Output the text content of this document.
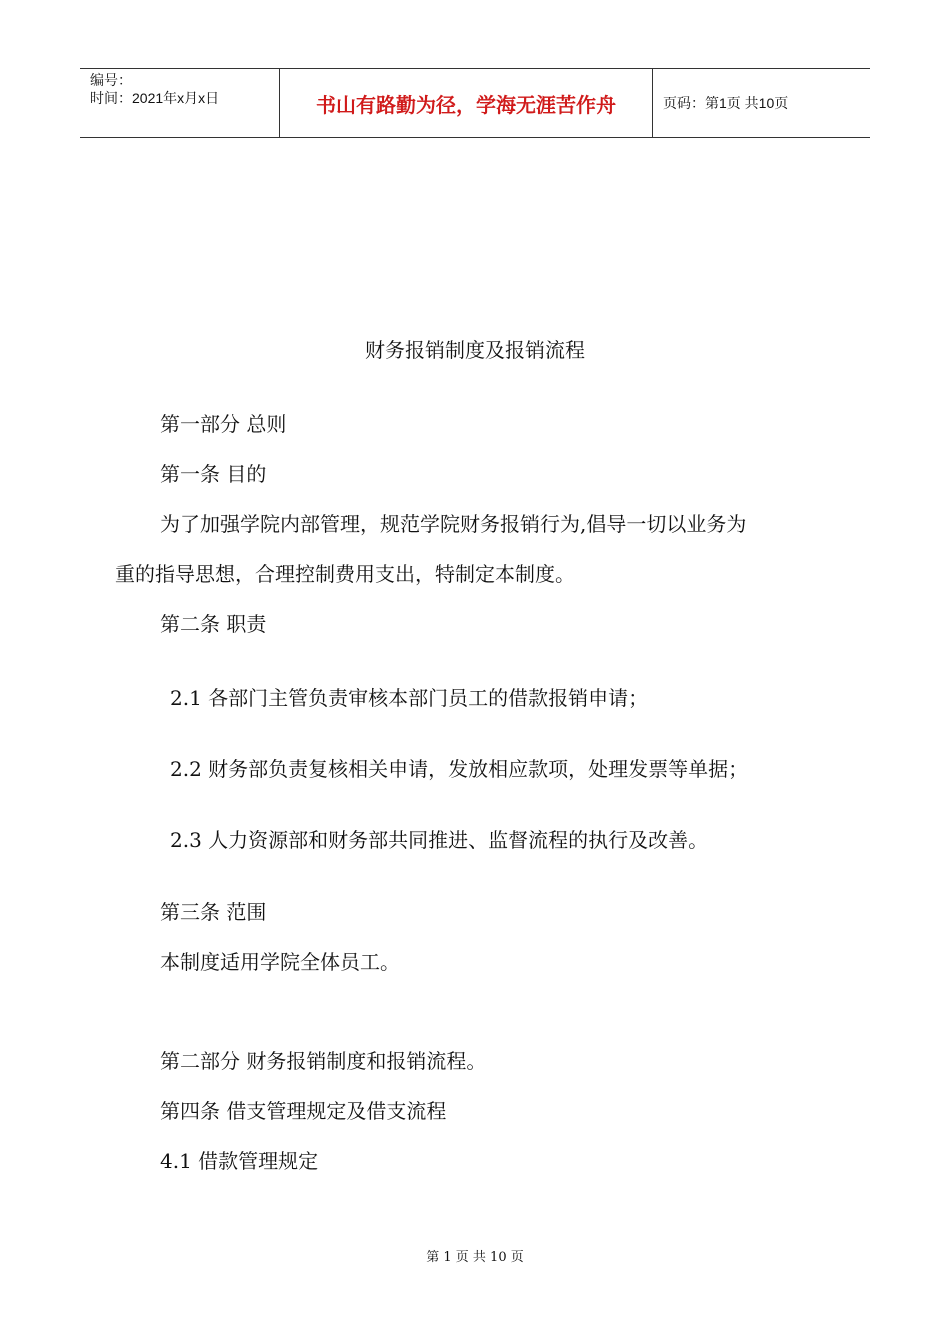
编号：
时间：2021年x月x日	书山有路勤为径，学海无涯苦作舟	页码：第1页 共10页
财务报销制度及报销流程
第一部分 总则
第一条 目的
为了加强学院内部管理，规范学院财务报销行为,倡导一切以业务为
重的指导思想，合理控制费用支出，特制定本制度。
第二条 职责
2.1 各部门主管负责审核本部门员工的借款报销申请；
2.2 财务部负责复核相关申请，发放相应款项，处理发票等单据；
2.3 人力资源部和财务部共同推进、监督流程的执行及改善。
第三条 范围
本制度适用学院全体员工。
第二部分 财务报销制度和报销流程。
第四条 借支管理规定及借支流程
4.1 借款管理规定
第 1 页 共 10 页
